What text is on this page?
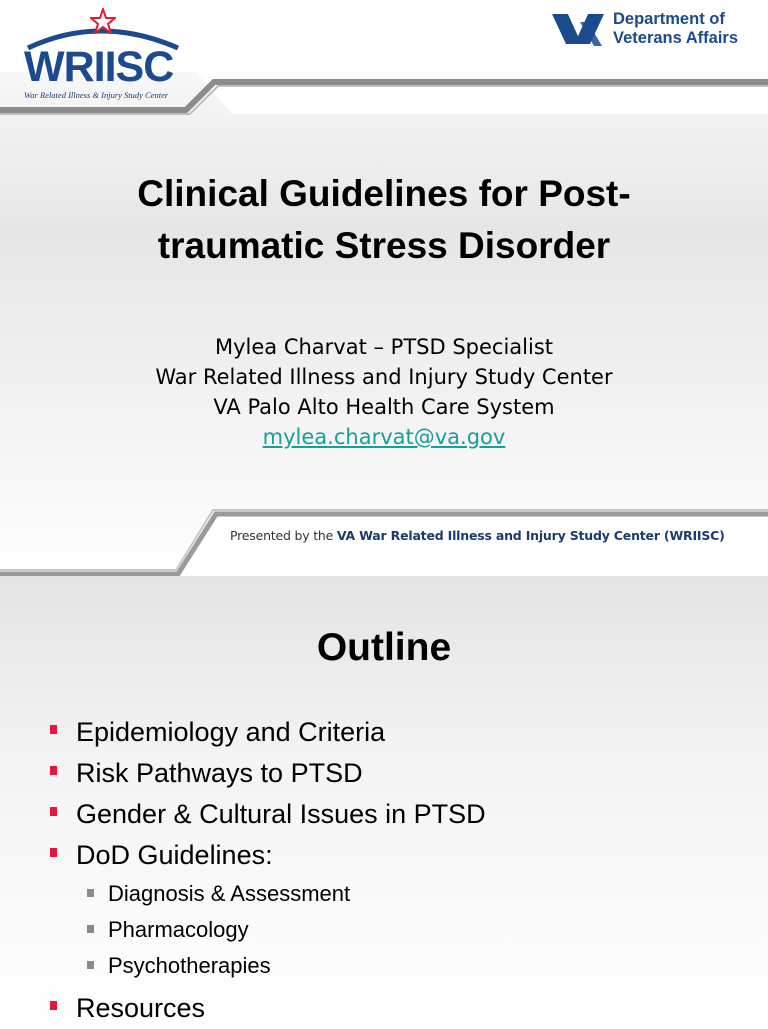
WRIISC
War Related Illness & Injury Study Center
Department of
Veterans Affairs
Clinical Guidelines for Post-traumatic Stress Disorder
Mylea Charvat – PTSD Specialist
War Related Illness and Injury Study Center
VA Palo Alto Health Care System
mylea.charvat@va.gov
Presented by the VA War Related Illness and Injury Study Center (WRIISC)
Outline
Epidemiology and Criteria
Risk Pathways to PTSD
Gender & Cultural Issues in PTSD
DoD Guidelines:
Diagnosis & Assessment
Pharmacology
Psychotherapies
Resources
